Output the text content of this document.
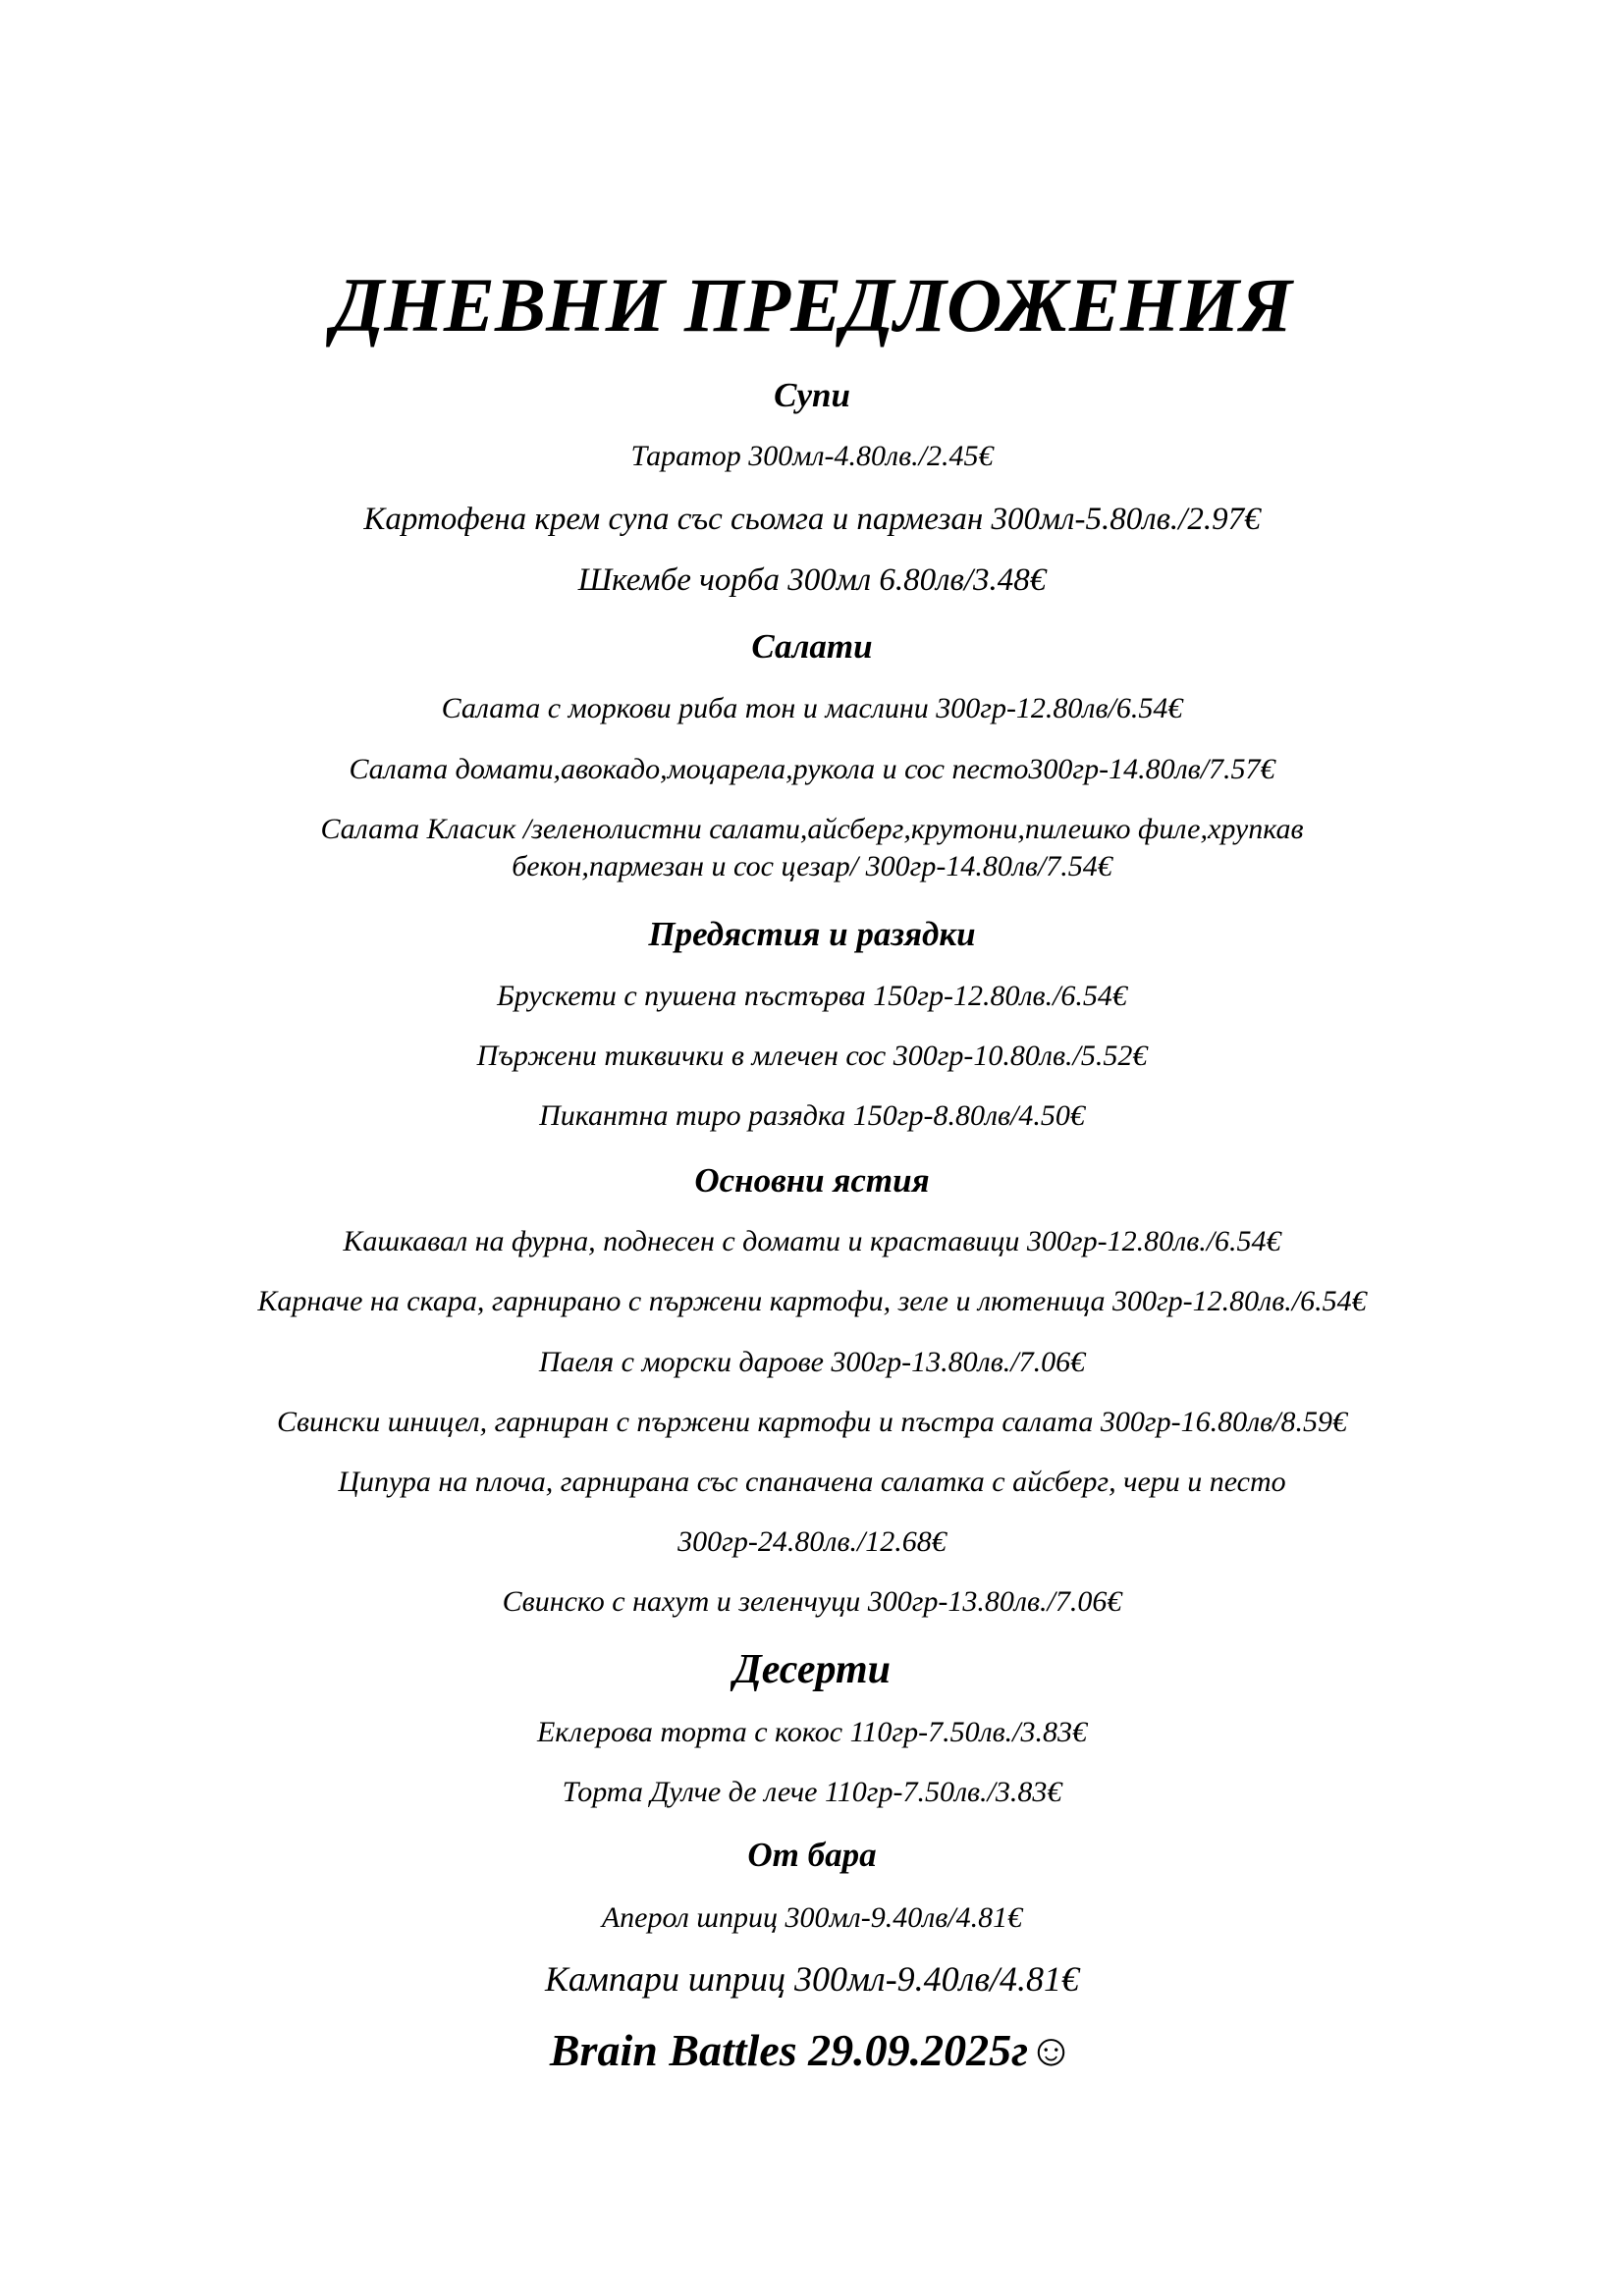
ДНЕВНИ ПРЕДЛОЖЕНИЯ
Супи
Таратор 300мл-4.80лв./2.45€
Картофена крем супа със сьомга и пармезан 300мл-5.80лв./2.97€
Шкембе чорба 300мл 6.80лв/3.48€
Салати
Салата с моркови риба тон и маслини 300гр-12.80лв/6.54€
Салата домати,авокадо,моцарела,рукола и сос песто300гр-14.80лв/7.57€
Салата Класик /зеленолистни салати,айсберг,крутони,пилешко филе,хрупкав
бекон,пармезан и сос цезар/ 300гр-14.80лв/7.54€
Предястия и разядки
Брускети с пушена пъстърва 150гр-12.80лв./6.54€
Пържени тиквички в млечен сос 300гр-10.80лв./5.52€
Пикантна тиро разядка 150гр-8.80лв/4.50€
Основни ястия
Кашкавал на фурна, поднесен с домати и краставици 300гр-12.80лв./6.54€
Карначе на скара, гарнирано с пържени картофи, зеле и лютеница 300гр-12.80лв./6.54€
Паеля с морски дарове 300гр-13.80лв./7.06€
Свински шницел, гарниран с пържени картофи и пъстра салата 300гр-16.80лв/8.59€
Ципура на плоча, гарнирана със спаначена салатка с айсберг, чери и песто
300гр-24.80лв./12.68€
Свинско с нахут и зеленчуци 300гр-13.80лв./7.06€
Десерти
Еклерова торта с кокос 110гр-7.50лв./3.83€
Торта Дулче де лече 110гр-7.50лв./3.83€
От бара
Аперол шприц 300мл-9.40лв/4.81€
Кампари шприц 300мл-9.40лв/4.81€
Brain Battles 29.09.2025г☺
